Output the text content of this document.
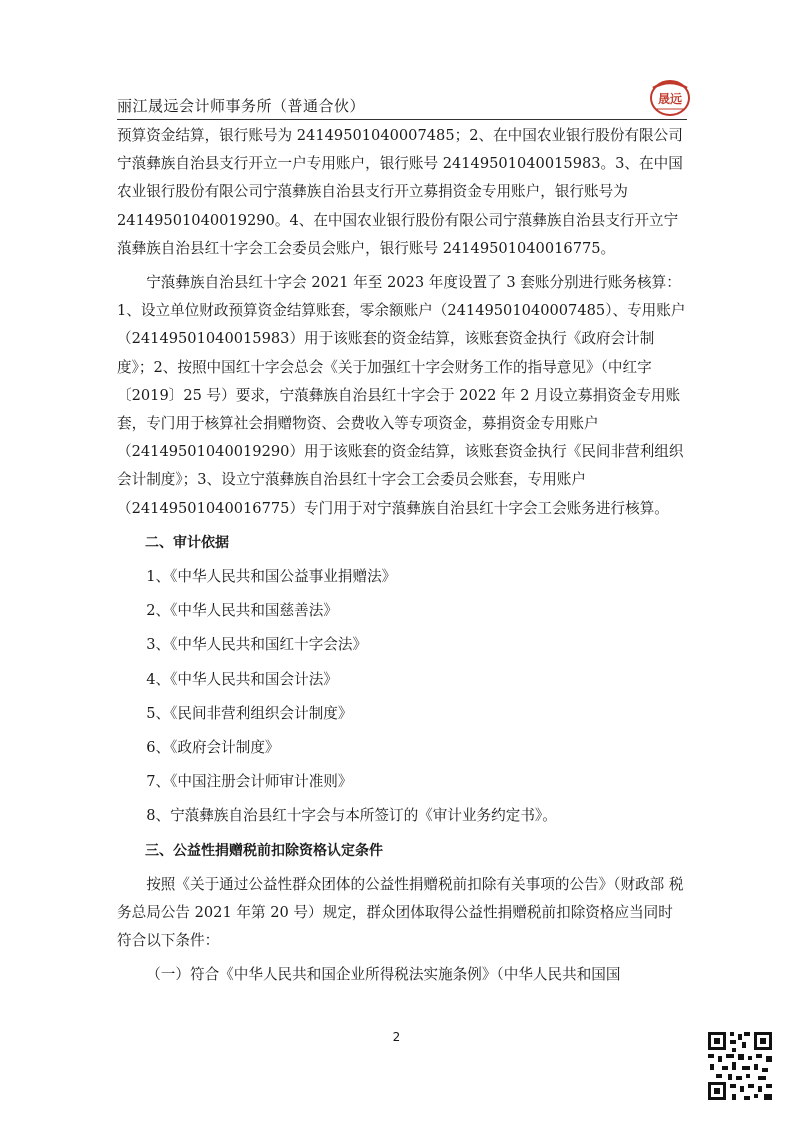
丽江晟远会计师事务所（普通合伙）	晟远
预算资金结算，银行账号为 24149501040007485；2、在中国农业银行股份有限公司宁蒗彝族自治县支行开立一户专用账户，银行账号 24149501040015983。3、在中国农业银行股份有限公司宁蒗彝族自治县支行开立募捐资金专用账户，银行账号为 24149501040019290。4、在中国农业银行股份有限公司宁蒗彝族自治县支行开立宁蒗彝族自治县红十字会工会委员会账户，银行账号 24149501040016775。
宁蒗彝族自治县红十字会 2021 年至 2023 年度设置了 3 套账分别进行账务核算：1、设立单位财政预算资金结算账套，零余额账户（24149501040007485）、专用账户（24149501040015983）用于该账套的资金结算，该账套资金执行《政府会计制度》；2、按照中国红十字会总会《关于加强红十字会财务工作的指导意见》（中红字〔2019〕25 号）要求，宁蒗彝族自治县红十字会于 2022 年 2 月设立募捐资金专用账套，专门用于核算社会捐赠物资、会费收入等专项资金，募捐资金专用账户（24149501040019290）用于该账套的资金结算，该账套资金执行《民间非营利组织会计制度》；3、设立宁蒗彝族自治县红十字会工会委员会账套，专用账户（24149501040016775）专门用于对宁蒗彝族自治县红十字会工会账务进行核算。
二、审计依据
1、《中华人民共和国公益事业捐赠法》
2、《中华人民共和国慈善法》
3、《中华人民共和国红十字会法》
4、《中华人民共和国会计法》
5、《民间非营利组织会计制度》
6、《政府会计制度》
7、《中国注册会计师审计准则》
8、宁蒗彝族自治县红十字会与本所签订的《审计业务约定书》。
三、公益性捐赠税前扣除资格认定条件
按照《关于通过公益性群众团体的公益性捐赠税前扣除有关事项的公告》（财政部 税务总局公告 2021 年第 20 号）规定，群众团体取得公益性捐赠税前扣除资格应当同时符合以下条件：
（一）符合《中华人民共和国企业所得税法实施条例》（中华人民共和国国
2
